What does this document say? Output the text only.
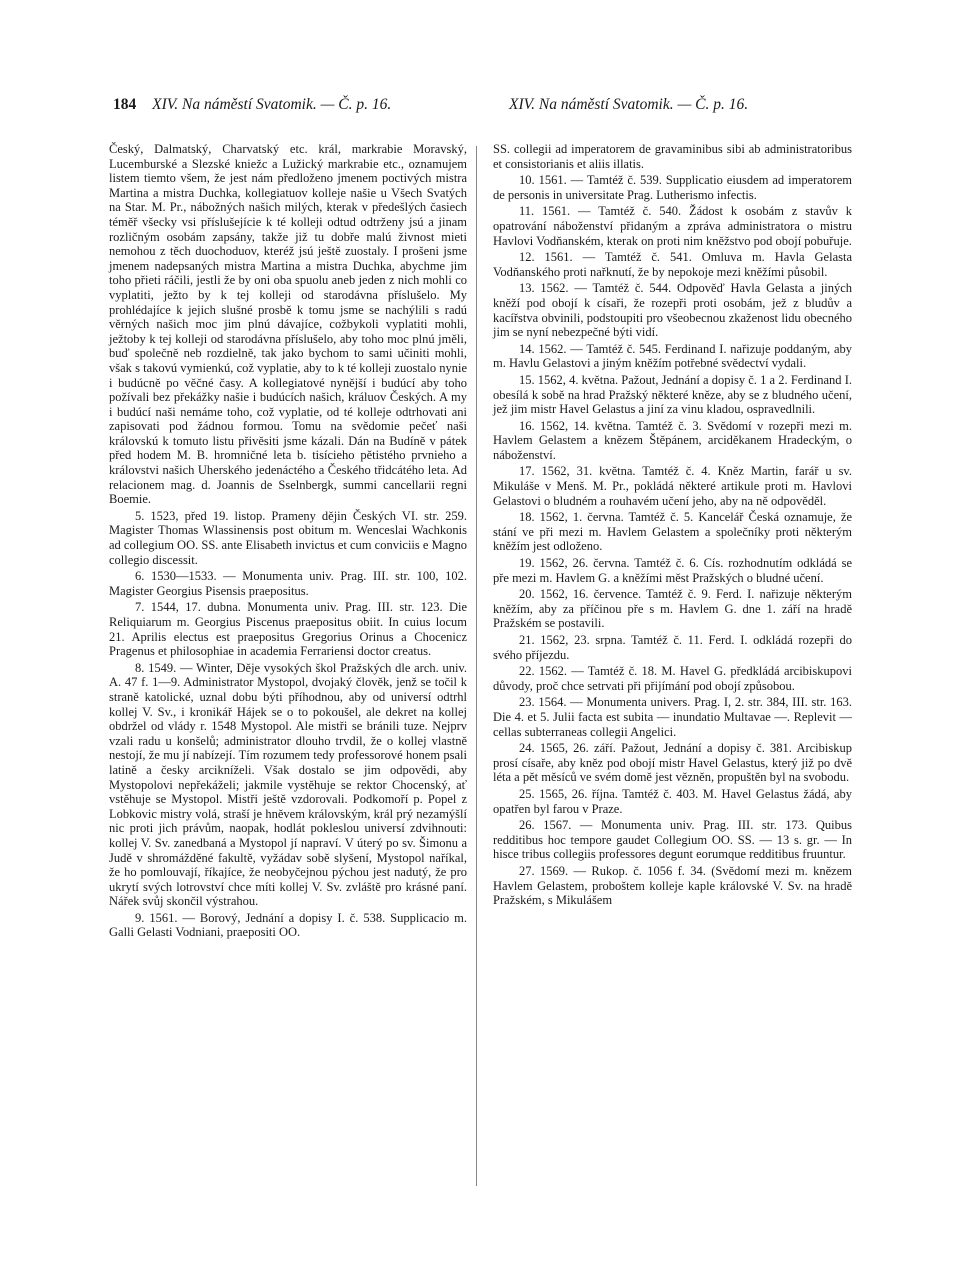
184 XIV. Na náměstí Svatomik. — Č. p. 16.	XIV. Na náměstí Svatomik. — Č. p. 16.

Český, Dalmatský, Charvatský etc. král, markrabie Moravský, Lucemburské a Slezské kniežc a Lužický markrabie etc., oznamujem listem tiemto všem, že jest nám předloženo jmenem poctivých mistra Martina a mistra Duchka, kollegiatuov kolleje našie u Všech Svatých na Star. M. Pr., nábožných našich milých, kterak v předešlých časiech téměř všecky vsi příslušejície k té kolleji odtud odtrženy jsú a jinam rozličným osobám zapsány, takže již tu dobře malú živnost mieti nemohou z těch duochoduov, kteréž jsú ještě zuostaly. I prošeni jsme jmenem nadepsaných mistra Martina a mistra Duchka, abychme jim toho přieti ráčili, jestli že by oni oba spuolu aneb jeden z nich mohli co vyplatiti, ježto by k tej kolleji od starodávna příslušelo. My prohlédajíce k jejich slušné prosbě k tomu jsme se nachýlili s radú věrných našich moc jim plnú dávajíce, cožbykoli vyplatiti mohli, ježtoby k tej kolleji od starodávna příslušelo, aby toho moc plnú jměli, buď společně neb rozdielně, tak jako bychom to sami učiniti mohli, však s takovú vymienkú, což vyplatie, aby to k té kolleji zuostalo nynie i budúcně po věčné časy. A kollegiatové nynější i budúcí aby toho požívali bez překážky našie i budúcích našich, králuov Českých. A my i budúcí naši nemáme toho, což vyplatie, od té kolleje odtrhovati ani zapisovati pod žádnou formou. Tomu na svědomie pečeť naši královskú k tomuto listu přivěsiti jsme kázali. Dán na Budíně v pátek před hodem M. B. hromničné leta b. tisícieho pětistého prvnieho a královstvi našich Uherského jedenáctého a Českého třidcátého leta. Ad relacionem mag. d. Joannis de Sselnbergk, summi cancellarii regni Boemie.

5. 1523, před 19. listop. Prameny dějin Českých VI. str. 259. Magister Thomas Wlassinensis post obitum m. Wenceslai Wachkonis ad collegium OO. SS. ante Elisabeth invictus et cum conviciis e Magno collegio discessit.

6. 1530—1533. — Monumenta univ. Prag. III. str. 100, 102. Magister Georgius Pisensis praepositus.

7. 1544, 17. dubna. Monumenta univ. Prag. III. str. 123. Die Reliquiarum m. Georgius Piscenus praepositus obiit. In cuius locum 21. Aprilis electus est praepositus Gregorius Orinus a Chocenicz Pragenus et philosophiae in academia Ferrariensi doctor creatus.

8. 1549. — Winter, Děje vysokých škol Pražských dle arch. univ. A. 47 f. 1—9. Administrator Mystopol, dvojaký člověk, jenž se točil k straně katolické, uznal dobu býti příhodnou, aby od universí odtrhl kollej V. Sv., i kronikář Hájek se o to pokoušel, ale dekret na kollej obdržel od vlády r. 1548 Mystopol. Ale mistři se bránili tuze. Nejprv vzali radu u konšelů; administrator dlouho trvdil, že o kollej vlastně nestojí, že mu jí nabízejí. Tím rozumem tedy professorové honem psali latině a česky arcikníželi. Však dostalo se jim odpovědi, aby Mystopolovi nepřekáželi; jakmile vystěhuje se rektor Chocenský, ať vstěhuje se Mystopol. Mistři ještě vzdorovali. Podkomoří p. Popel z Lobkovic mistry volá, straší je hněvem královským, král prý nezamýšlí nic proti jich právům, naopak, hodlát pokleslou universí zdvihnouti: kollej V. Sv. zanedbaná a Mystopol jí napraví. V úterý po sv. Šimonu a Judě v shromážděné fakultě, vyžádav sobě slyšení, Mystopol naříkal, že ho pomlouvají, říkajíce, že neobyčejnou pýchou jest nadutý, že pro ukrytí svých lotrovství chce míti kollej V. Sv. zvláště pro krásné paní. Nářek svůj skončil výstrahou.

9. 1561. — Borový, Jednání a dopisy I. č. 538. Supplicacio m. Galli Gelasti Vodniani, praepositi OO.

SS. collegii ad imperatorem de gravaminibus sibi ab administratoribus et consistorianis et aliis illatis.

10. 1561. — Tamtéž č. 539. Supplicatio eiusdem ad imperatorem de personis in universitate Prag. Lutherismo infectis.

11. 1561. — Tamtéž č. 540. Žádost k osobám z stavův k opatrování náboženství přidaným a zpráva administratora o mistru Havlovi Vodňanském, kterak on proti nim kněžstvo pod obojí pobuřuje.

12. 1561. — Tamtéž č. 541. Omluva m. Havla Gelasta Vodňanského proti nařknutí, že by nepokoje mezi kněžími působil.

13. 1562. — Tamtéž č. 544. Odpověď Havla Gelasta a jiných kněží pod obojí k císaři, že rozepři proti osobám, jež z bludův a kacířstva obvinili, podstoupiti pro všeobecnou zkaženost lidu obecného jim se nyní nebezpečné býti vidí.

14. 1562. — Tamtéž č. 545. Ferdinand I. nařizuje poddaným, aby m. Havlu Gelastovi a jiným kněžím potřebné svědectví vydali.

15. 1562, 4. května. Pažout, Jednání a dopisy č. 1 a 2. Ferdinand I. obesílá k sobě na hrad Pražský některé kněze, aby se z bludného učení, jež jim mistr Havel Gelastus a jiní za vinu kladou, ospravedlnili.

16. 1562, 14. května. Tamtéž č. 3. Svědomí v rozepři mezi m. Havlem Gelastem a knězem Štěpánem, arciděkanem Hradeckým, o náboženství.

17. 1562, 31. května. Tamtéž č. 4. Kněz Martin, farář u sv. Mikuláše v Menš. M. Pr., pokládá některé artikule proti m. Havlovi Gelastovi o bludném a rouhavém učení jeho, aby na ně odpověděl.

18. 1562, 1. června. Tamtéž č. 5. Kancelář Česká oznamuje, že stání ve při mezi m. Havlem Gelastem a společníky proti některým kněžím jest odloženo.

19. 1562, 26. června. Tamtéž č. 6. Cís. rozhodnutím odkládá se pře mezi m. Havlem G. a kněžími měst Pražských o bludné učení.

20. 1562, 16. července. Tamtéž č. 9. Ferd. I. nařizuje některým kněžím, aby za příčinou pře s m. Havlem G. dne 1. září na hradě Pražském se postavili.

21. 1562, 23. srpna. Tamtéž č. 11. Ferd. I. odkládá rozepři do svého příjezdu.

22. 1562. — Tamtéž č. 18. M. Havel G. předkládá arcibiskupovi důvody, proč chce setrvati při přijímání pod obojí způsobou.

23. 1564. — Monumenta univers. Prag. I, 2. str. 384, III. str. 163. Die 4. et 5. Julii facta est subita — inundatio Multavae —. Replevit — cellas subterraneas collegii Angelici.

24. 1565, 26. září. Pažout, Jednání a dopisy č. 381. Arcibiskup prosí císaře, aby kněz pod obojí mistr Havel Gelastus, který již po dvě léta a pět měsíců ve svém domě jest vězněn, propuštěn byl na svobodu.

25. 1565, 26. října. Tamtéž č. 403. M. Havel Gelastus žádá, aby opatřen byl farou v Praze.

26. 1567. — Monumenta univ. Prag. III. str. 173. Quibus redditibus hoc tempore gaudet Collegium OO. SS. — 13 s. gr. — In hisce tribus collegiis professores degunt eorumque redditibus fruuntur.

27. 1569. — Rukop. č. 1056 f. 34. (Svědomí mezi m. knězem Havlem Gelastem, proboštem kolleje kaple královské V. Sv. na hradě Pražském, s Mikulášem
